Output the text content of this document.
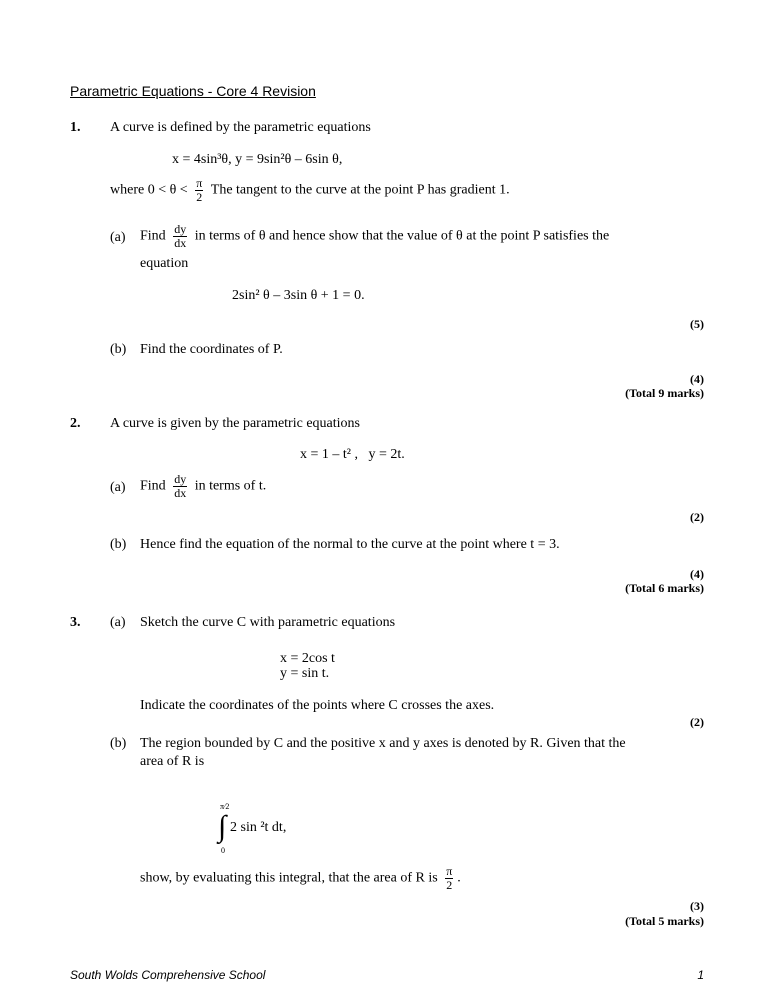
Parametric Equations - Core 4 Revision
1. A curve is defined by the parametric equations
x = 4sin³θ, y = 9sin²θ – 6sin θ,
where $0 < \theta < \frac{\pi}{2}$ The tangent to the curve at the point P has gradient 1.
(a) Find $\frac{dy}{dx}$ in terms of θ and hence show that the value of θ at the point P satisfies the
equation
2sin² θ – 3sin θ + 1 = 0.
(5)
(b) Find the coordinates of P.
(4)
(Total 9 marks)
2. A curve is given by the parametric equations
x = 1 – t² ,   y = 2t.
(a) Find $\frac{dy}{dx}$ in terms of t.
(2)
(b) Hence find the equation of the normal to the curve at the point where t = 3.
(4)
(Total 6 marks)
3. (a) Sketch the curve C with parametric equations
x = 2cos t
y = sin t.
Indicate the coordinates of the points where C crosses the axes.
(2)
(b) The region bounded by C and the positive x and y axes is denoted by R. Given that the
area of R is
π⁄2
∫
0
2 sin ²t dt,
show, by evaluating this integral, that the area of R is $\frac{\pi}{2}$ .
(3)
(Total 5 marks)
South Wolds Comprehensive School	1
